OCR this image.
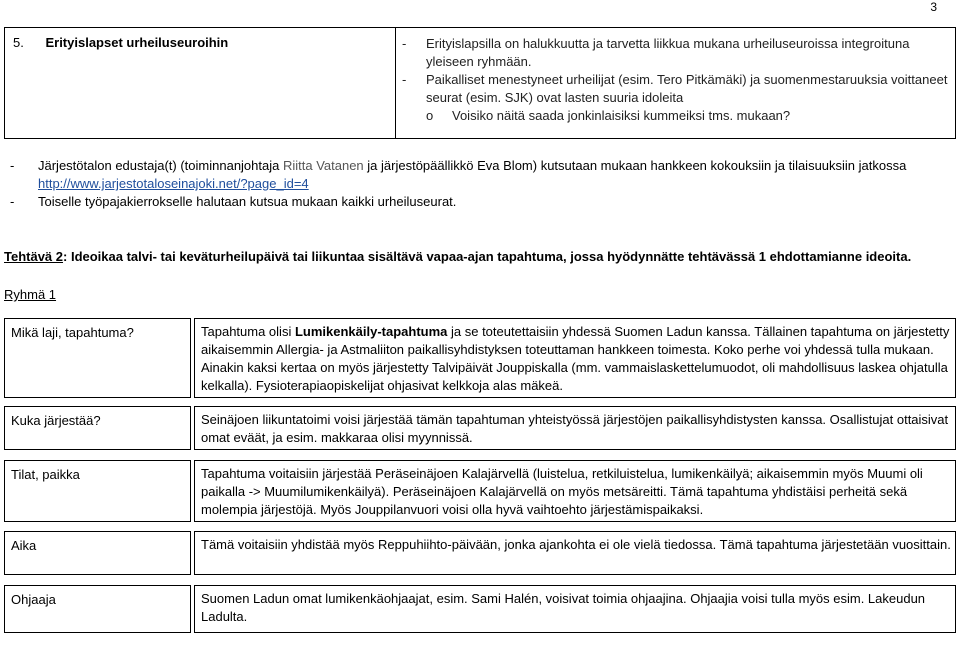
3
5. Erityislapset urheiluseuroihin	-	Erityislapsilla on halukkuutta ja tarvetta liikkua mukana urheiluseuroissa integroituna yleiseen ryhmään.
-	Paikalliset menestyneet urheilijat (esim. Tero Pitkämäki) ja suomenmestaruuksia voittaneet seurat (esim. SJK) ovat lasten suuria idoleita
o	Voisiko näitä saada jonkinlaisiksi kummeiksi tms. mukaan?
-	Järjestötalon edustaja(t) (toiminnanjohtaja Riitta Vatanen ja järjestöpäällikkö Eva Blom) kutsutaan mukaan hankkeen kokouksiin ja tilaisuuksiin jatkossa http://www.jarjestotaloseinajoki.net/?page_id=4
-	Toiselle työpajakierrokselle halutaan kutsua mukaan kaikki urheiluseurat.
Tehtävä 2: Ideoikaa talvi- tai keväturheilupäivä tai liikuntaa sisältävä vapaa-ajan tapahtuma, jossa hyödynnätte tehtävässä 1 ehdottamianne ideoita.
Ryhmä 1
Mikä laji, tapahtuma?	Tapahtuma olisi Lumikenkäily-tapahtuma ja se toteutettaisiin yhdessä Suomen Ladun kanssa. Tällainen tapahtuma on järjestetty aikaisemmin Allergia- ja Astmaliiton paikallisyhdistyksen toteuttaman hankkeen toimesta. Koko perhe voi yhdessä tulla mukaan. Ainakin kaksi kertaa on myös järjestetty Talvipäivät Jouppiskalla (mm. vammaislaskettelumuodot, oli mahdollisuus laskea ohjatulla kelkalla). Fysioterapiaopiskelijat ohjasivat kelkkoja alas mäkeä.
Kuka järjestää?	Seinäjoen liikuntatoimi voisi järjestää tämän tapahtuman yhteistyössä järjestöjen paikallisyhdistysten kanssa. Osallistujat ottaisivat omat eväät, ja esim. makkaraa olisi myynnissä.
Tilat, paikka	Tapahtuma voitaisiin järjestää Peräseinäjoen Kalajärvellä (luistelua, retkiluistelua, lumikenkäilyä; aikaisemmin myös Muumi oli paikalla -> Muumilumikenkäilyä). Peräseinäjoen Kalajärvellä on myös metsäreitti. Tämä tapahtuma yhdistäisi perheitä sekä molempia järjestöjä. Myös Jouppilanvuori voisi olla hyvä vaihtoehto järjestämispaikaksi.
Aika	Tämä voitaisiin yhdistää myös Reppuhiihto-päivään, jonka ajankohta ei ole vielä tiedossa. Tämä tapahtuma järjestetään vuosittain.
Ohjaaja	Suomen Ladun omat lumikenkäohjaajat, esim. Sami Halén, voisivat toimia ohjaajina. Ohjaajia voisi tulla myös esim. Lakeudun Ladulta.
